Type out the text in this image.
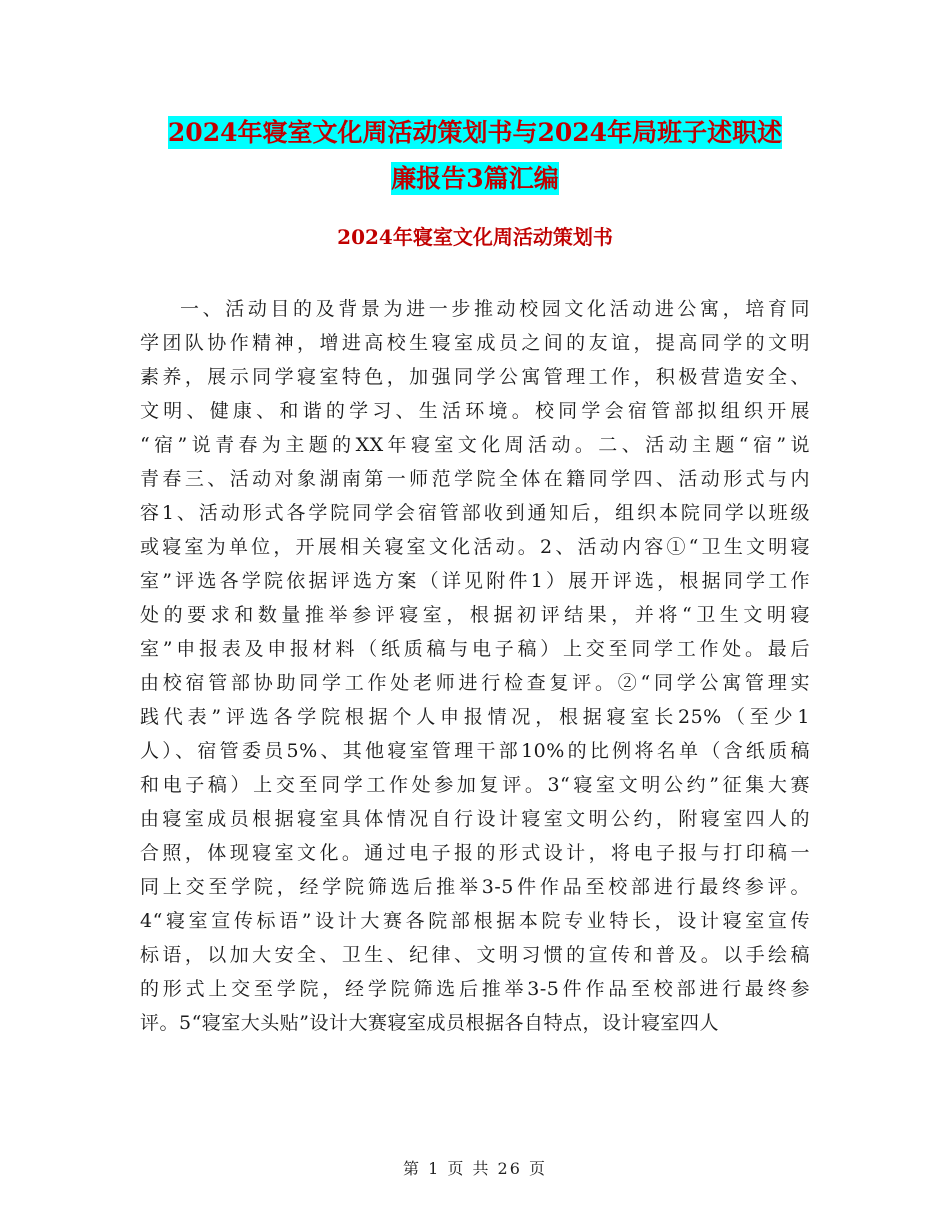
2024年寝室文化周活动策划书与2024年局班子述职述
廉报告3篇汇编
2024年寝室文化周活动策划书
一、活动目的及背景为进一步推动校园文化活动进公寓，培育同
学团队协作精神，增进高校生寝室成员之间的友谊，提高同学的文明
素养，展示同学寝室特色，加强同学公寓管理工作，积极营造安全、
文明、健康、和谐的学习、生活环境。校同学会宿管部拟组织开展
“宿”说青春为主题的XX年寝室文化周活动。二、活动主题“宿”说
青春三、活动对象湖南第一师范学院全体在籍同学四、活动形式与内
容1、活动形式各学院同学会宿管部收到通知后，组织本院同学以班级
或寝室为单位，开展相关寝室文化活动。2、活动内容①“卫生文明寝
室”评选各学院依据评选方案（详见附件1）展开评选，根据同学工作
处的要求和数量推举参评寝室，根据初评结果，并将“卫生文明寝
室”申报表及申报材料（纸质稿与电子稿）上交至同学工作处。最后
由校宿管部协助同学工作处老师进行检查复评。②“同学公寓管理实
践代表”评选各学院根据个人申报情况，根据寝室长25%（至少1
人）、宿管委员5%、其他寝室管理干部10%的比例将名单（含纸质稿
和电子稿）上交至同学工作处参加复评。3“寝室文明公约”征集大赛
由寝室成员根据寝室具体情况自行设计寝室文明公约，附寝室四人的
合照，体现寝室文化。通过电子报的形式设计，将电子报与打印稿一
同上交至学院，经学院筛选后推举3-5件作品至校部进行最终参评。
4“寝室宣传标语”设计大赛各院部根据本院专业特长，设计寝室宣传
标语，以加大安全、卫生、纪律、文明习惯的宣传和普及。以手绘稿
的形式上交至学院，经学院筛选后推举3-5件作品至校部进行最终参
评。5“寝室大头贴”设计大赛寝室成员根据各自特点，设计寝室四人
第 1 页 共 26 页
